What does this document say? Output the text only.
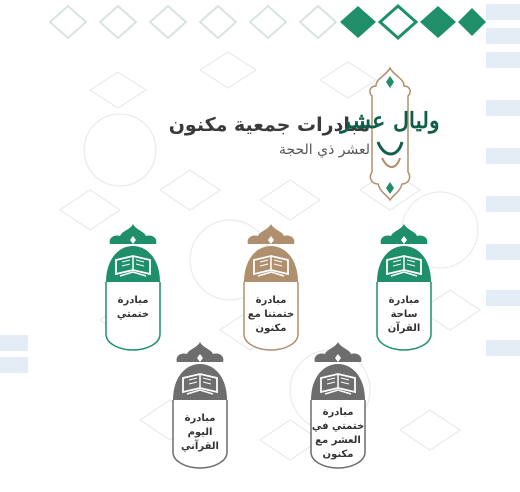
مبادرات جمعية مكنون
لعشر ذي الحجة
وليال عشر
مبادرة
ساحة
القرآن
مبادرة
ختمتنا مع
مكنون
مبادرة
ختمتي
مبادرة
ختمتي في
العشر مع
مكنون
مبادرة
اليوم
القرآني
